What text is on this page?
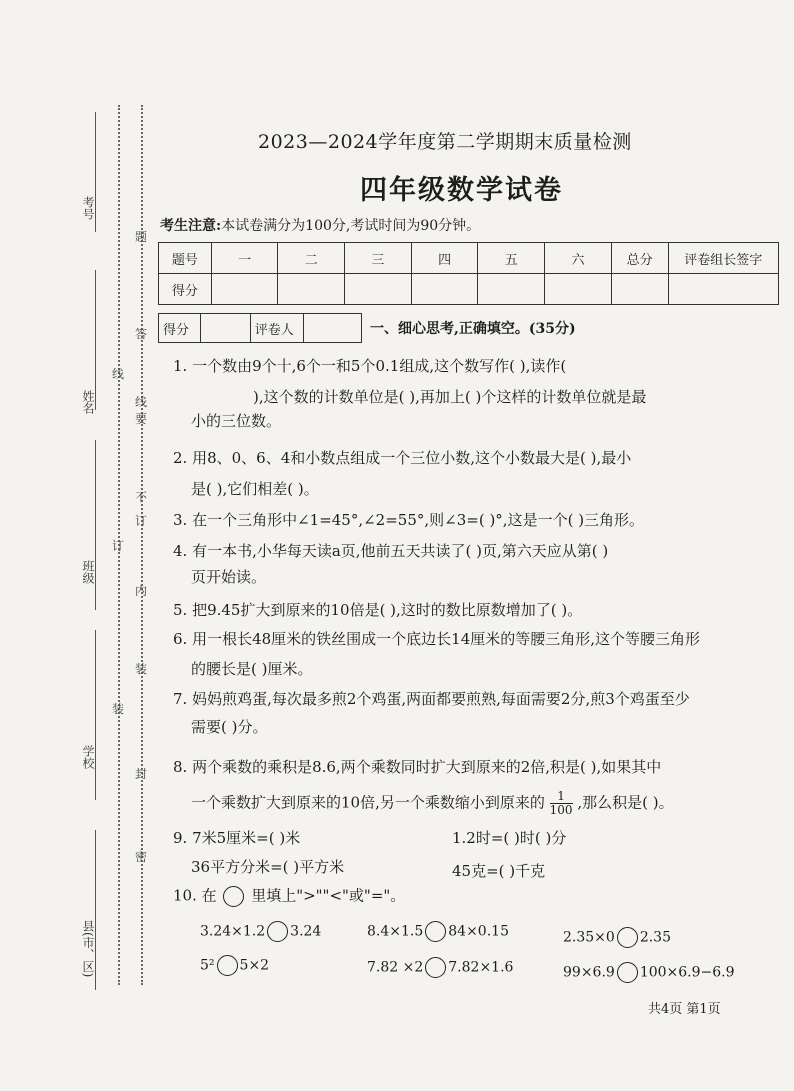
考号
姓名
班级
学校
县(市、区)
线
订
装
题
答
要
不
内
线
订
装
封
密
2023—2024学年度第二学期期末质量检测
四年级数学试卷
考生注意:本试卷满分为100分,考试时间为90分钟。
题号	一	二	三	四	五	六	总分	评卷组长签字
得分								
得分	评卷人	一、细心思考,正确填空。(35分)
1. 一个数由9个十,6个一和5个0.1组成,这个数写作( ),读作(
),这个数的计数单位是( ),再加上( )个这样的计数单位就是最
小的三位数。
2. 用8、0、6、4和小数点组成一个三位小数,这个小数最大是( ),最小
是( ),它们相差( )。
3. 在一个三角形中∠1=45°,∠2=55°,则∠3=( )°,这是一个( )三角形。
4. 有一本书,小华每天读a页,他前五天共读了( )页,第六天应从第( )
页开始读。
5. 把9.45扩大到原来的10倍是( ),这时的数比原数增加了( )。
6. 用一根长48厘米的铁丝围成一个底边长14厘米的等腰三角形,这个等腰三角形
的腰长是( )厘米。
7. 妈妈煎鸡蛋,每次最多煎2个鸡蛋,两面都要煎熟,每面需要2分,煎3个鸡蛋至少
需要( )分。
8. 两个乘数的乘积是8.6,两个乘数同时扩大到原来的2倍,积是( ),如果其中
一个乘数扩大到原来的10倍,另一个乘数缩小到原来的 $\frac{1}{100}$ ,那么积是( )。
9. 7米5厘米=( )米	1.2时=( )时( )分
36平方分米=( )平方米	45克=( )千克
10. 在 里填上">""<"或"="。
3.24×1.2 3.24	8.4×1.5 84×0.15	2.35×0 2.35
5² 5×2	7.82 ×2 7.82×1.6	99×6.9 100×6.9−6.9
共4页 第1页
